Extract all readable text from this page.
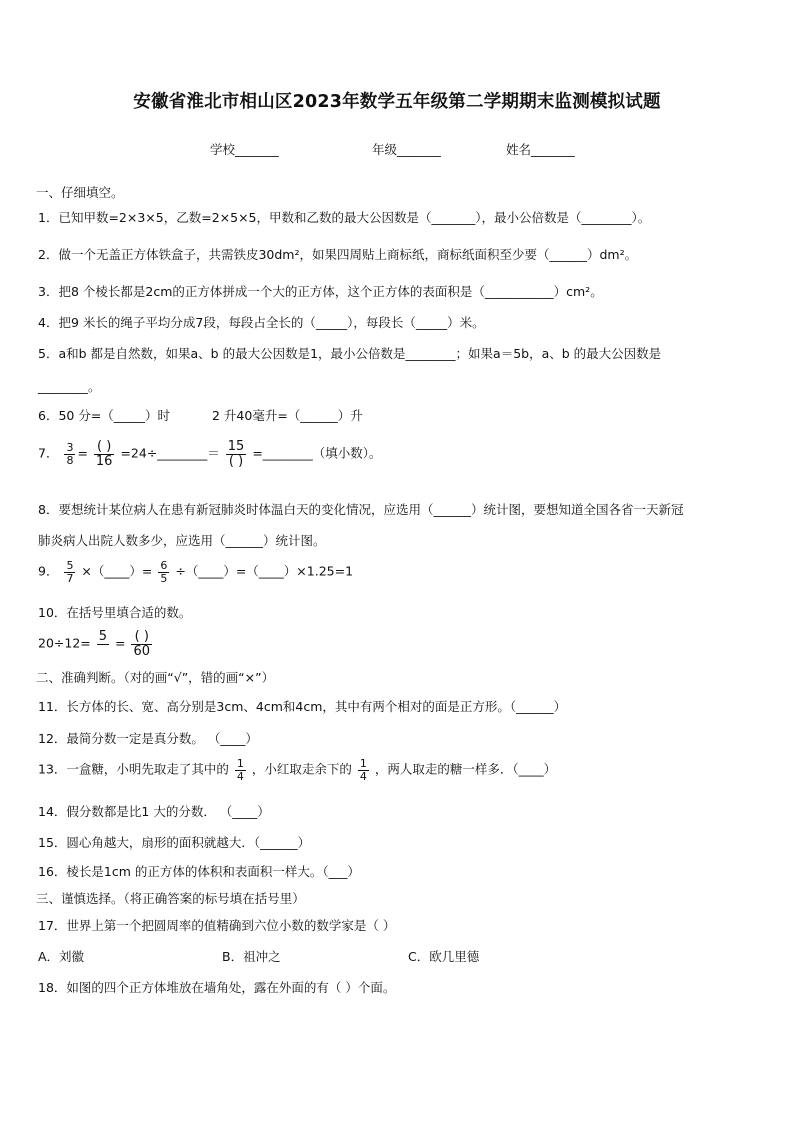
安徽省淮北市相山区2023年数学五年级第二学期期末监测模拟试题
学校_______	年级_______	姓名_______
一、仔细填空。
1．已知甲数=2×3×5，乙数=2×5×5，甲数和乙数的最大公因数是（_______），最小公倍数是（________）。
2．做一个无盖正方体铁盒子，共需铁皮30dm²，如果四周贴上商标纸，商标纸面积至少要（______）dm²。
3．把8 个棱长都是2cm的正方体拼成一个大的正方体，这个正方体的表面积是（___________）cm²。
4．把9 米长的绳子平均分成7段，每段占全长的（_____），每段长（_____）米。
5．a和b 都是自然数，如果a、b 的最大公因数是1，最小公倍数是________；如果a＝5b，a、b 的最大公因数是
________。
6．50 分=（_____）时	2 升40毫升=（______）升
7． $\frac{3}{8} = \frac{( )}{16}$ =24÷________＝ $\frac{15}{( )}$ =________（填小数）。
8．要想统计某位病人在患有新冠肺炎时体温白天的变化情况，应选用（______）统计图，要想知道全国各省一天新冠
肺炎病人出院人数多少，应选用（______）统计图。
9． $\frac{5}{7}$ ×（____）= $\frac{6}{5}$ ÷（____）=（____）×1.25=1
10．在括号里填合适的数。
20÷12= 5
= $\frac{( )}{60}$
二、准确判断。（对的画“√”，错的画“×”）
11．长方体的长、宽、高分别是3cm、4cm和4cm，其中有两个相对的面是正方形。（______）
12．最简分数一定是真分数。 （____）
13．一盒糖，小明先取走了其中的 $\frac{1}{4}$ ，小红取走余下的 $\frac{1}{4}$ ，两人取走的糖一样多．（____）
14．假分数都是比1 大的分数． （____）
15．圆心角越大，扇形的面积就越大．（______）
16．棱长是1cm 的正方体的体积和表面积一样大。（___）
三、谨慎选择。（将正确答案的标号填在括号里）
17．世界上第一个把圆周率的值精确到六位小数的数学家是（ ）
A．刘徽	B．祖冲之	C．欧几里德
18．如图的四个正方体堆放在墙角处，露在外面的有（ ）个面。
